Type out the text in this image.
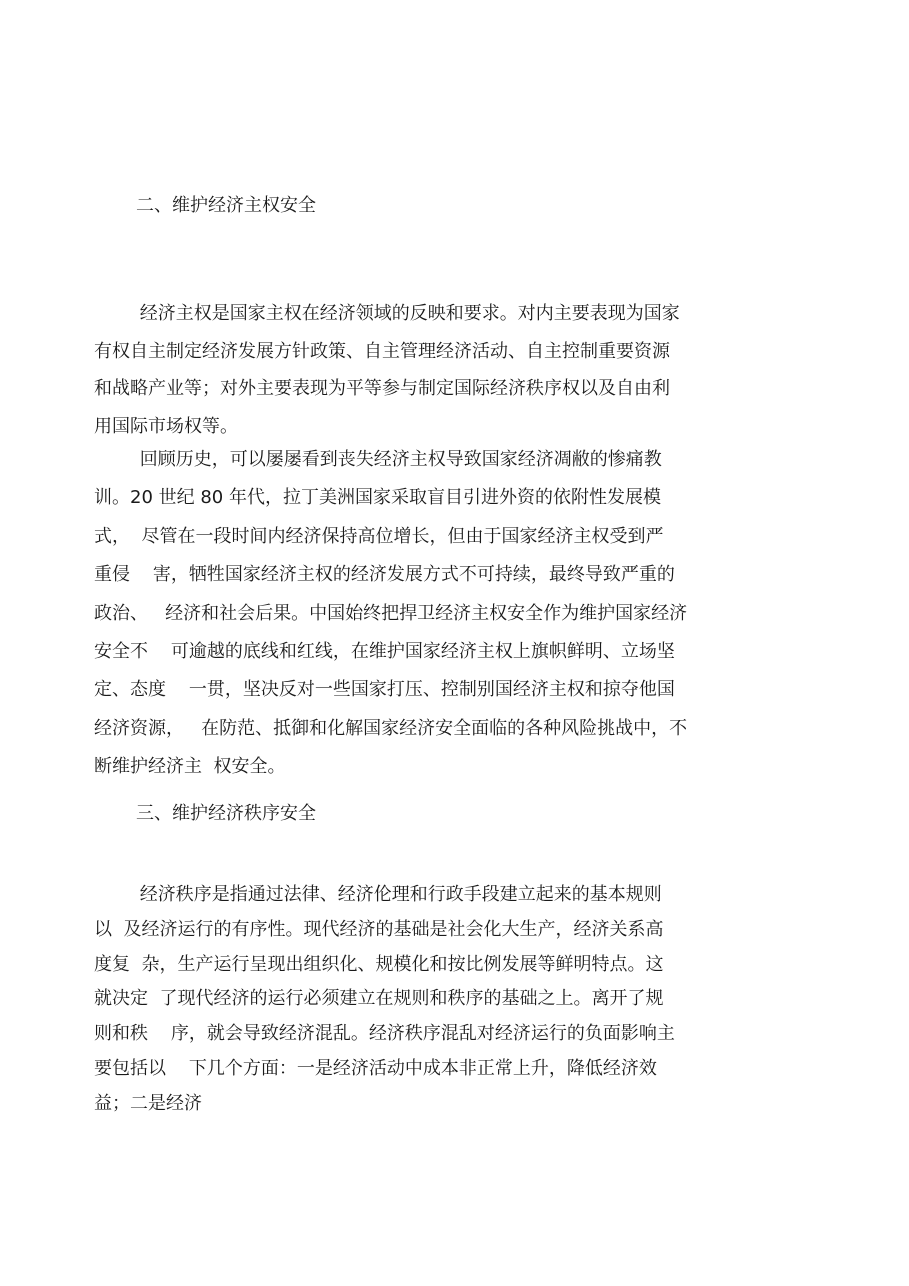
二、维护经济主权安全
经济主权是国家主权在经济领域的反映和要求。对内主要表现为国家
有权自主制定经济发展方针政策、自主管理经济活动、自主控制重要资源
和战略产业等；对外主要表现为平等参与制定国际经济秩序权以及自由利
用国际市场权等。
回顾历史，可以屡屡看到丧失经济主权导致国家经济凋敝的惨痛教
训。20 世纪 80 年代，拉丁美洲国家采取盲目引进外资的依附性发展模
式，  尽管在一段时间内经济保持高位增长，但由于国家经济主权受到严
重侵    害，牺牲国家经济主权的经济发展方式不可持续，最终导致严重的
政治、   经济和社会后果。中国始终把捍卫经济主权安全作为维护国家经济
安全不    可逾越的底线和红线，在维护国家经济主权上旗帜鲜明、立场坚
定、态度    一贯，坚决反对一些国家打压、控制别国经济主权和掠夺他国
经济资源，   在防范、抵御和化解国家经济安全面临的各种风险挑战中，不
断维护经济主  权安全。
三、维护经济秩序安全
经济秩序是指通过法律、经济伦理和行政手段建立起来的基本规则
以  及经济运行的有序性。现代经济的基础是社会化大生产，经济关系高
度复  杂，生产运行呈现出组织化、规模化和按比例发展等鲜明特点。这
就决定  了现代经济的运行必须建立在规则和秩序的基础之上。离开了规
则和秩    序，就会导致经济混乱。经济秩序混乱对经济运行的负面影响主
要包括以    下几个方面：一是经济活动中成本非正常上升，降低经济效
益；二是经济
